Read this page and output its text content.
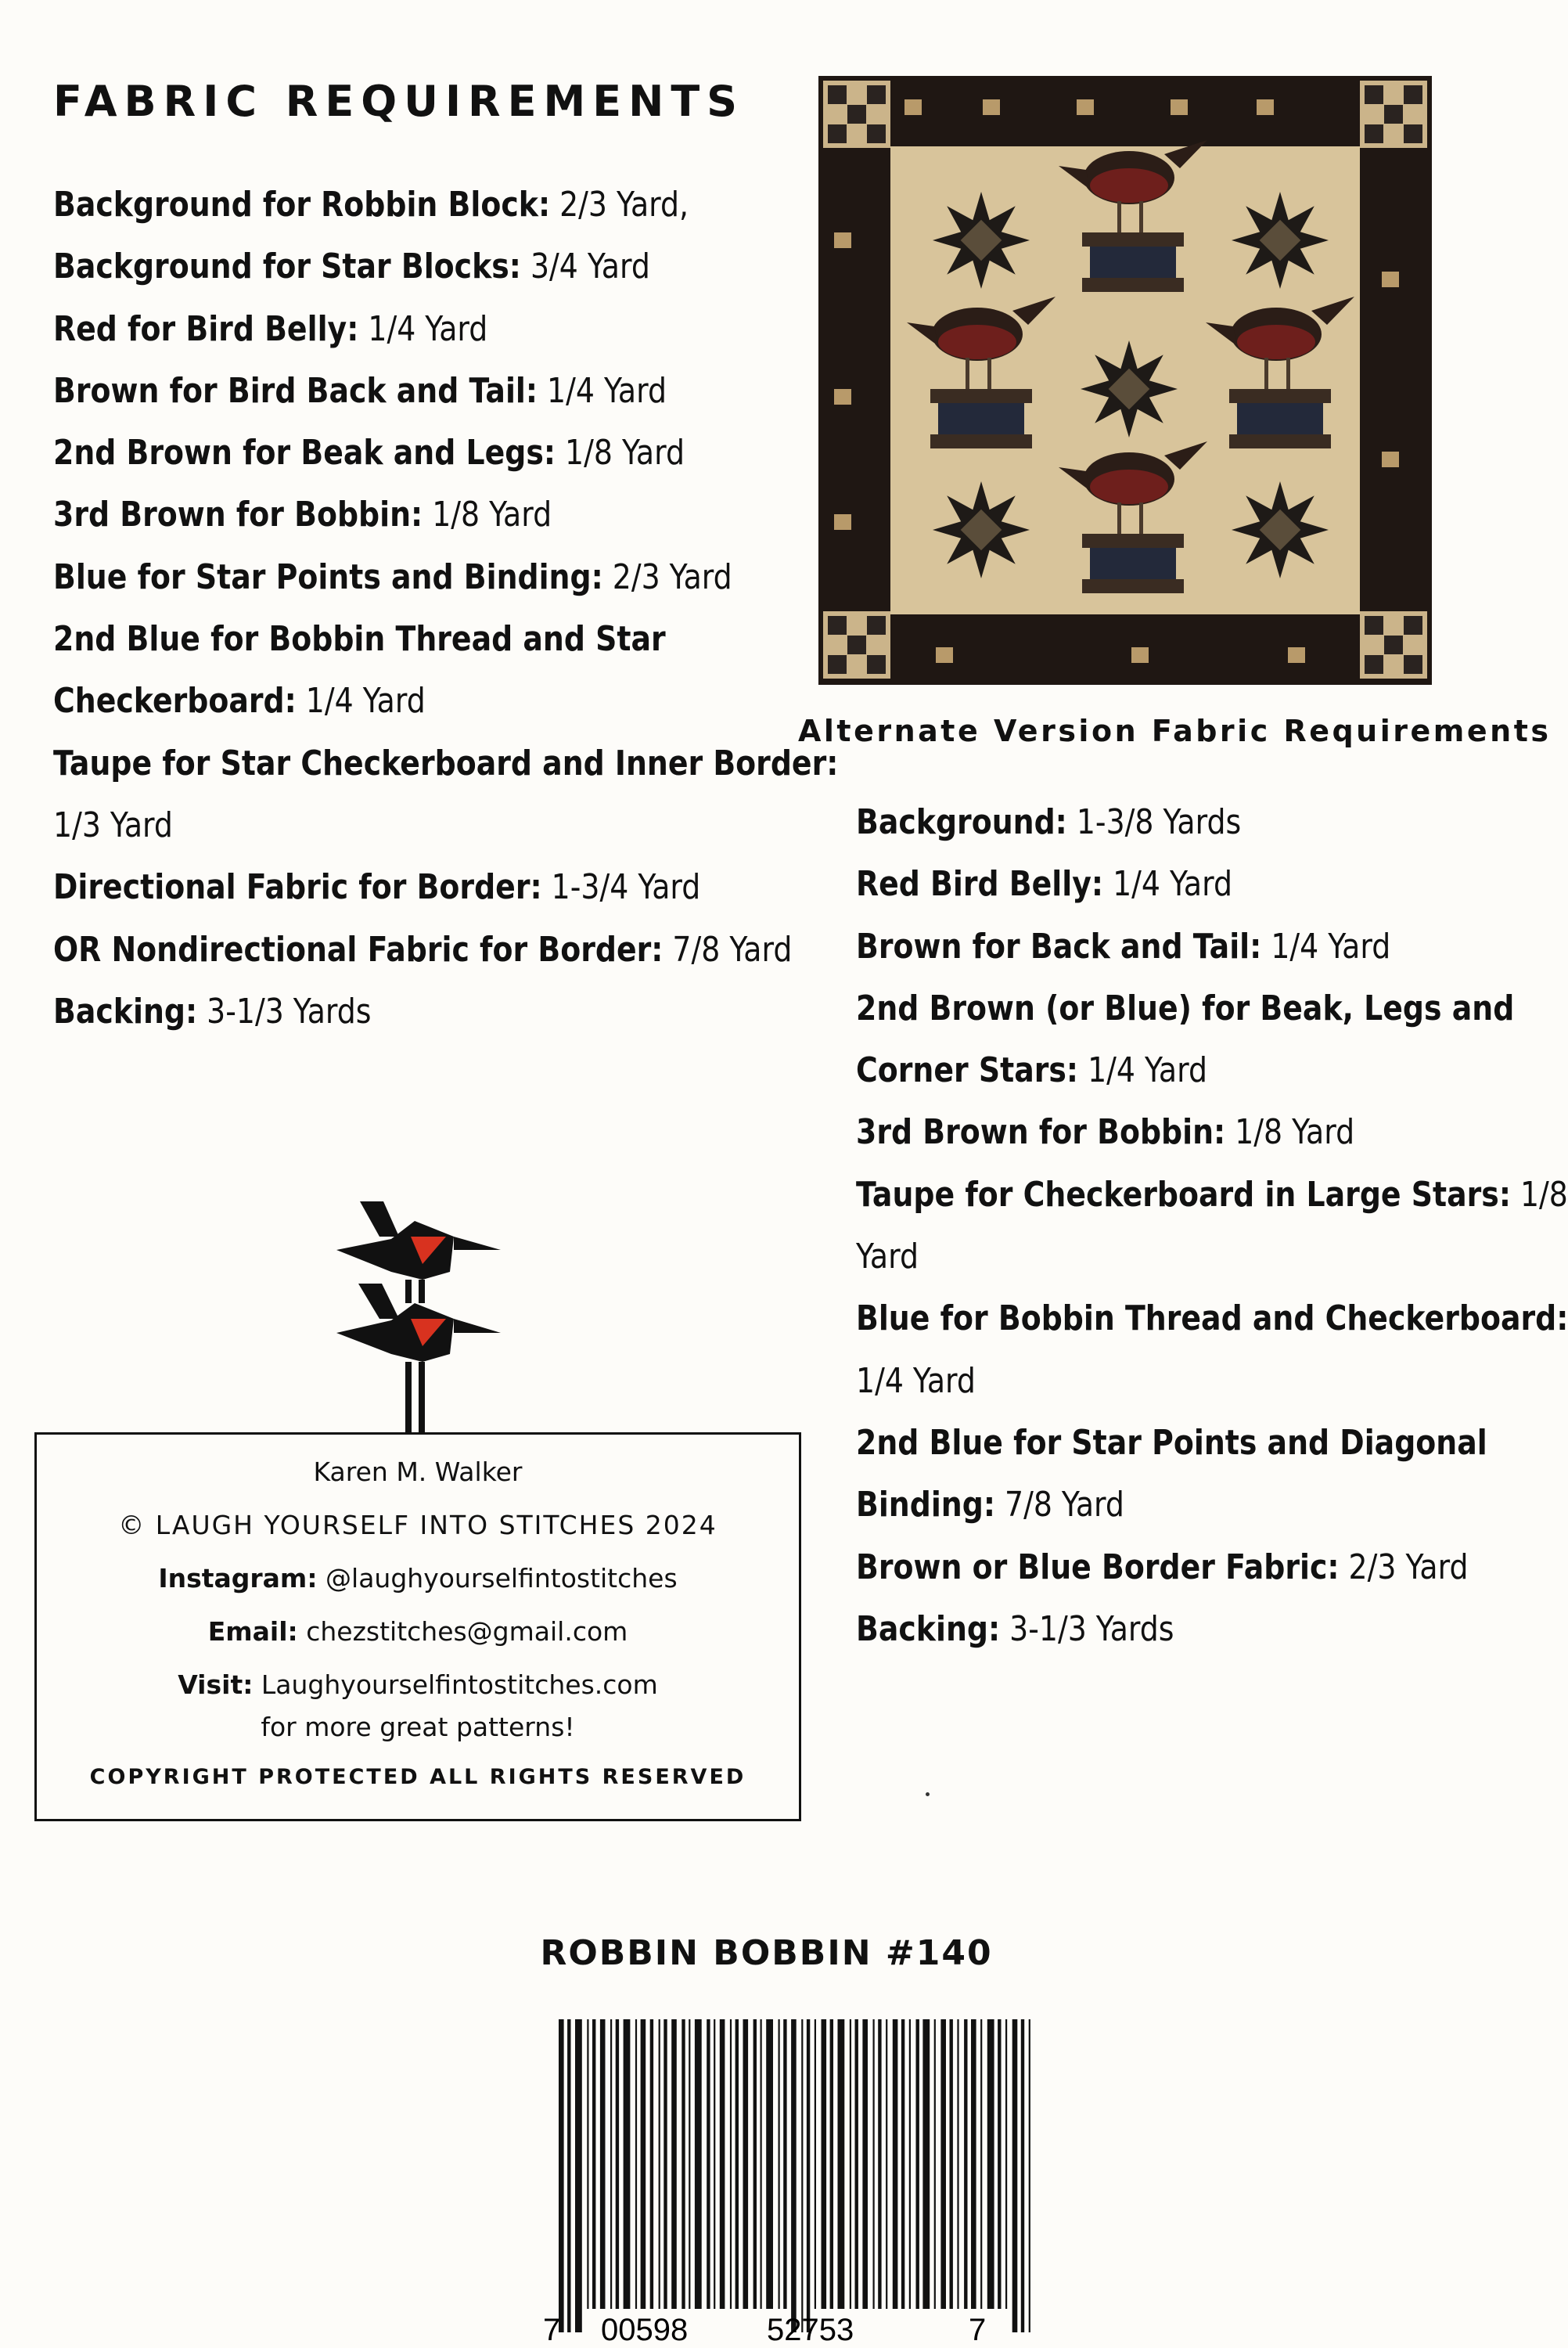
FABRIC REQUIREMENTS
Background for Robbin Block: 2/3 Yard,
Background for Star Blocks: 3/4 Yard
Red for Bird Belly: 1/4 Yard
Brown for Bird Back and Tail: 1/4 Yard
2nd Brown for Beak and Legs: 1/8 Yard
3rd Brown for Bobbin: 1/8 Yard
Blue for Star Points and Binding: 2/3 Yard
2nd Blue for Bobbin Thread and Star
Checkerboard: 1/4 Yard
Taupe for Star Checkerboard and Inner Border:
1/3 Yard
Directional Fabric for Border: 1-3/4 Yard
OR Nondirectional Fabric for Border: 7/8 Yard
Backing: 3-1/3 Yards
Alternate Version Fabric Requirements
Background: 1-3/8 Yards
Red Bird Belly: 1/4 Yard
Brown for Back and Tail: 1/4 Yard
2nd Brown (or Blue) for Beak, Legs and
Corner Stars: 1/4 Yard
3rd Brown for Bobbin: 1/8 Yard
Taupe for Checkerboard in Large Stars: 1/8
Yard
Blue for Bobbin Thread and Checkerboard:
1/4 Yard
2nd Blue for Star Points and Diagonal
Binding: 7/8 Yard
Brown or Blue Border Fabric: 2/3 Yard
Backing: 3-1/3 Yards
Karen M. Walker
© LAUGH YOURSELF INTO STITCHES 2024
Instagram: @laughyourselfintostitches
Email: chezstitches@gmail.com
Visit: Laughyourselfintostitches.com
for more great patterns!
COPYRIGHT PROTECTED ALL RIGHTS RESERVED
ROBBIN BOBBIN #140
7 00598	52753	7
